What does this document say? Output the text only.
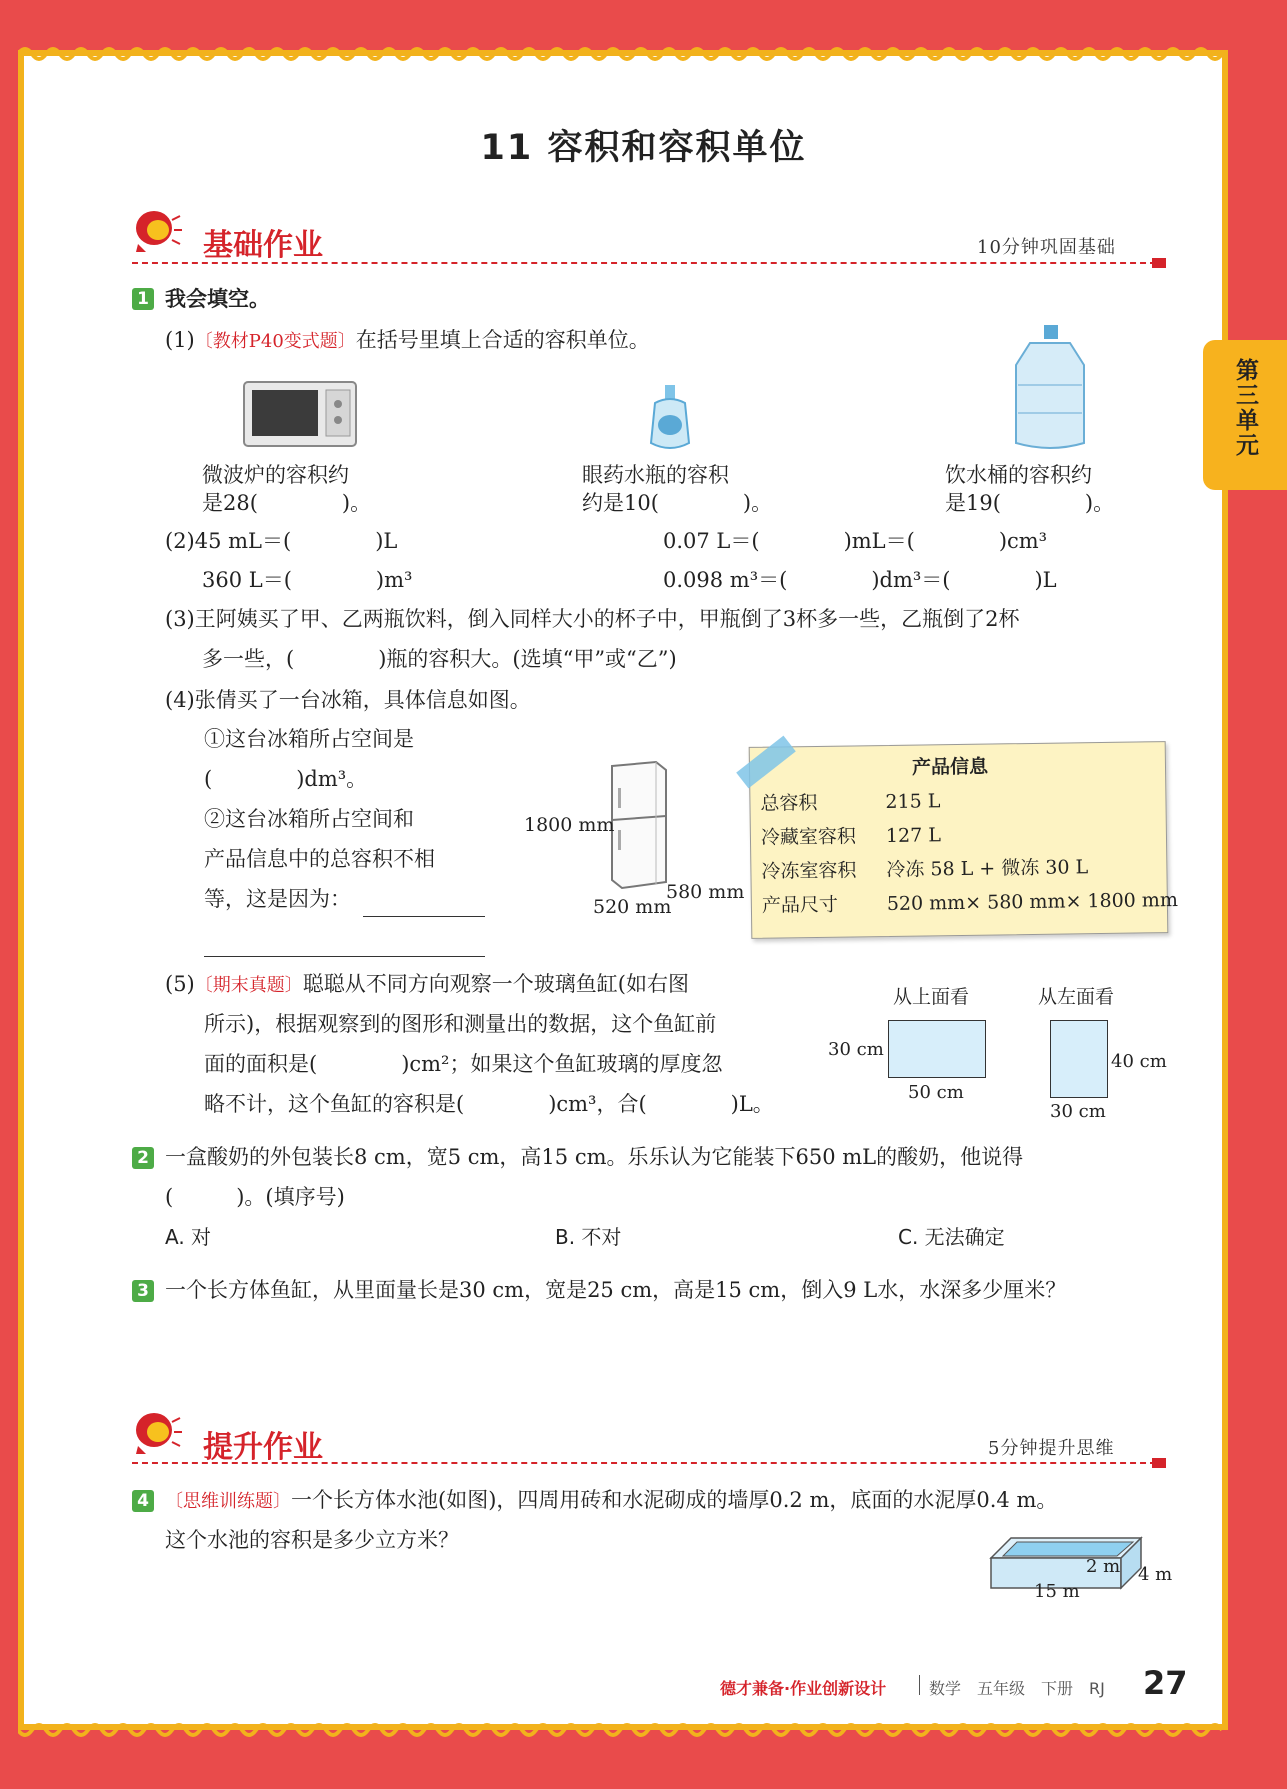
第三单元
11 容积和容积单位
基础作业	10分钟巩固基础
1 我会填空。
(1)〔教材P40变式题〕在括号里填上合适的容积单位。
微波炉的容积约
是28(　　　　)。
眼药水瓶的容积
约是10(　　　　)。
饮水桶的容积约
是19(　　　　)。
(2)45 mL＝(　　　　)L	0.07 L＝(　　　　)mL＝(　　　　)cm³
360 L＝(　　　　)m³	0.098 m³＝(　　　　)dm³＝(　　　　)L
(3)王阿姨买了甲、乙两瓶饮料，倒入同样大小的杯子中，甲瓶倒了3杯多一些，乙瓶倒了2杯
多一些，(　　　　)瓶的容积大。(选填“甲”或“乙”)
(4)张倩买了一台冰箱，具体信息如图。
①这台冰箱所占空间是
(　　　　)dm³。
②这台冰箱所占空间和
产品信息中的总容积不相
等，这是因为：
1800 mm
520 mm
580 mm
产品信息
总容积	215 L
冷藏室容积 127 L
冷冻室容积 冷冻 58 L + 微冻 30 L
产品尺寸	520 mm× 580 mm× 1800 mm
(5)〔期末真题〕聪聪从不同方向观察一个玻璃鱼缸(如右图
所示)，根据观察到的图形和测量出的数据，这个鱼缸前
面的面积是(　　　　)cm²；如果这个鱼缸玻璃的厚度忽
略不计，这个鱼缸的容积是(　　　　)cm³，合(　　　　)L。
从上面看	从左面看
30 cm
50 cm
40 cm
30 cm
2 一盒酸奶的外包装长8 cm，宽5 cm，高15 cm。乐乐认为它能装下650 mL的酸奶，他说得
(　　　)。(填序号)
A. 对	B. 不对	C. 无法确定
3 一个长方体鱼缸，从里面量长是30 cm，宽是25 cm，高是15 cm，倒入9 L水，水深多少厘米？
提升作业	5分钟提升思维
4 〔思维训练题〕一个长方体水池(如图)，四周用砖和水泥砌成的墙厚0.2 m，底面的水泥厚0.4 m。
这个水池的容积是多少立方米？
2 m 4 m
15 m
德才兼备·作业创新设计	数学　五年级　下册　RJ 27
